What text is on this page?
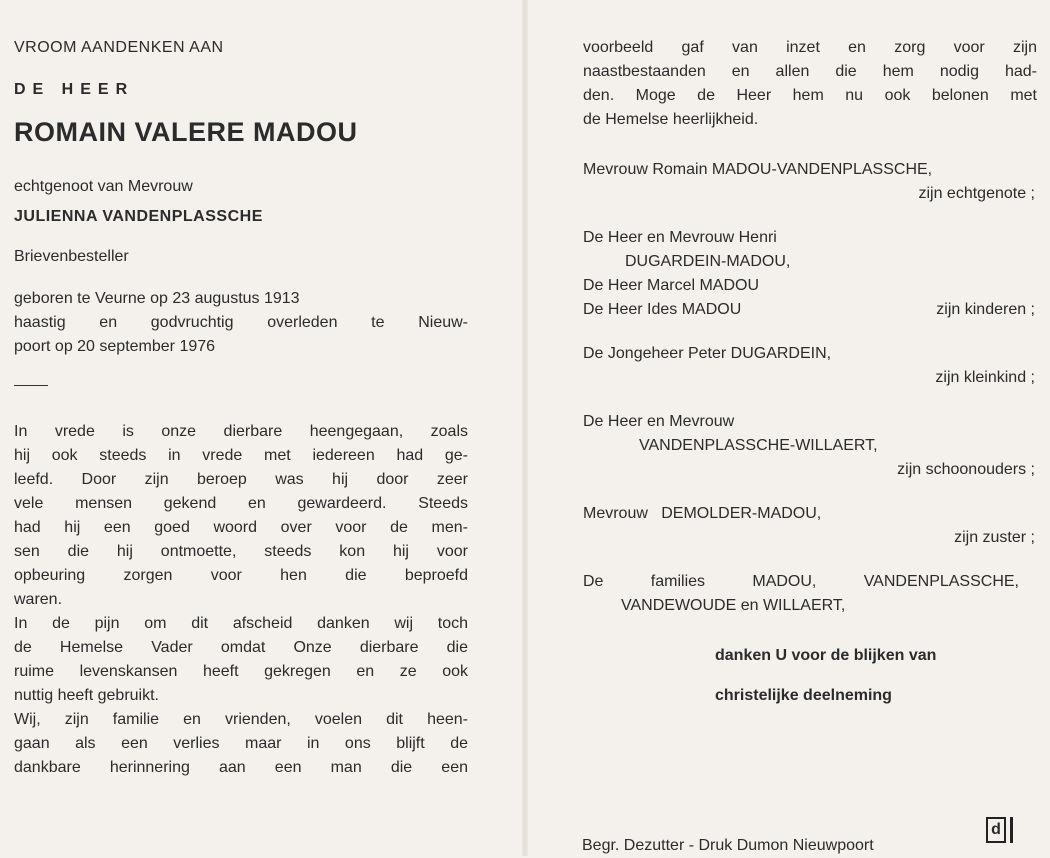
VROOM AANDENKEN AAN

DE HEER

ROMAIN VALERE MADOU

echtgenoot van Mevrouw

JULIENNA VANDENPLASSCHE

Brievenbesteller

geboren te Veurne op 23 augustus 1913

haastig en godvruchtig overleden te Nieuw-

poort op 20 september 1976

In vrede is onze dierbare heengegaan, zoals

hij ook steeds in vrede met iedereen had ge-

leefd. Door zijn beroep was hij door zeer

vele mensen gekend en gewardeerd. Steeds

had hij een goed woord over voor de men-

sen die hij ontmoette, steeds kon hij voor

opbeuring zorgen voor hen die beproefd

waren.

In de pijn om dit afscheid danken wij toch

de Hemelse Vader omdat Onze dierbare die

ruime levenskansen heeft gekregen en ze ook

nuttig heeft gebruikt.

Wij, zijn familie en vrienden, voelen dit heen-

gaan als een verlies maar in ons blijft de

dankbare herinnering aan een man die een

voorbeeld gaf van inzet en zorg voor zijn

naastbestaanden en allen die hem nodig had-

den. Moge de Heer hem nu ook belonen met

de Hemelse heerlijkheid.

Mevrouw Romain MADOU-VANDENPLASSCHE,

zijn echtgenote ;

De Heer en Mevrouw Henri

DUGARDEIN-MADOU,

De Heer Marcel MADOU

De Heer Ides MADOU	zijn kinderen ;

De Jongeheer Peter DUGARDEIN,

zijn kleinkind ;

De Heer en Mevrouw

VANDENPLASSCHE-WILLAERT,

zijn schoonouders ;

Mevrouw   DEMOLDER-MADOU,

zijn zuster ;

De families MADOU, VANDENPLASSCHE,

VANDEWOUDE en WILLAERT,

danken U voor de blijken van

christelijke deelneming

Begr. Dezutter - Druk Dumon Nieuwpoort

d
